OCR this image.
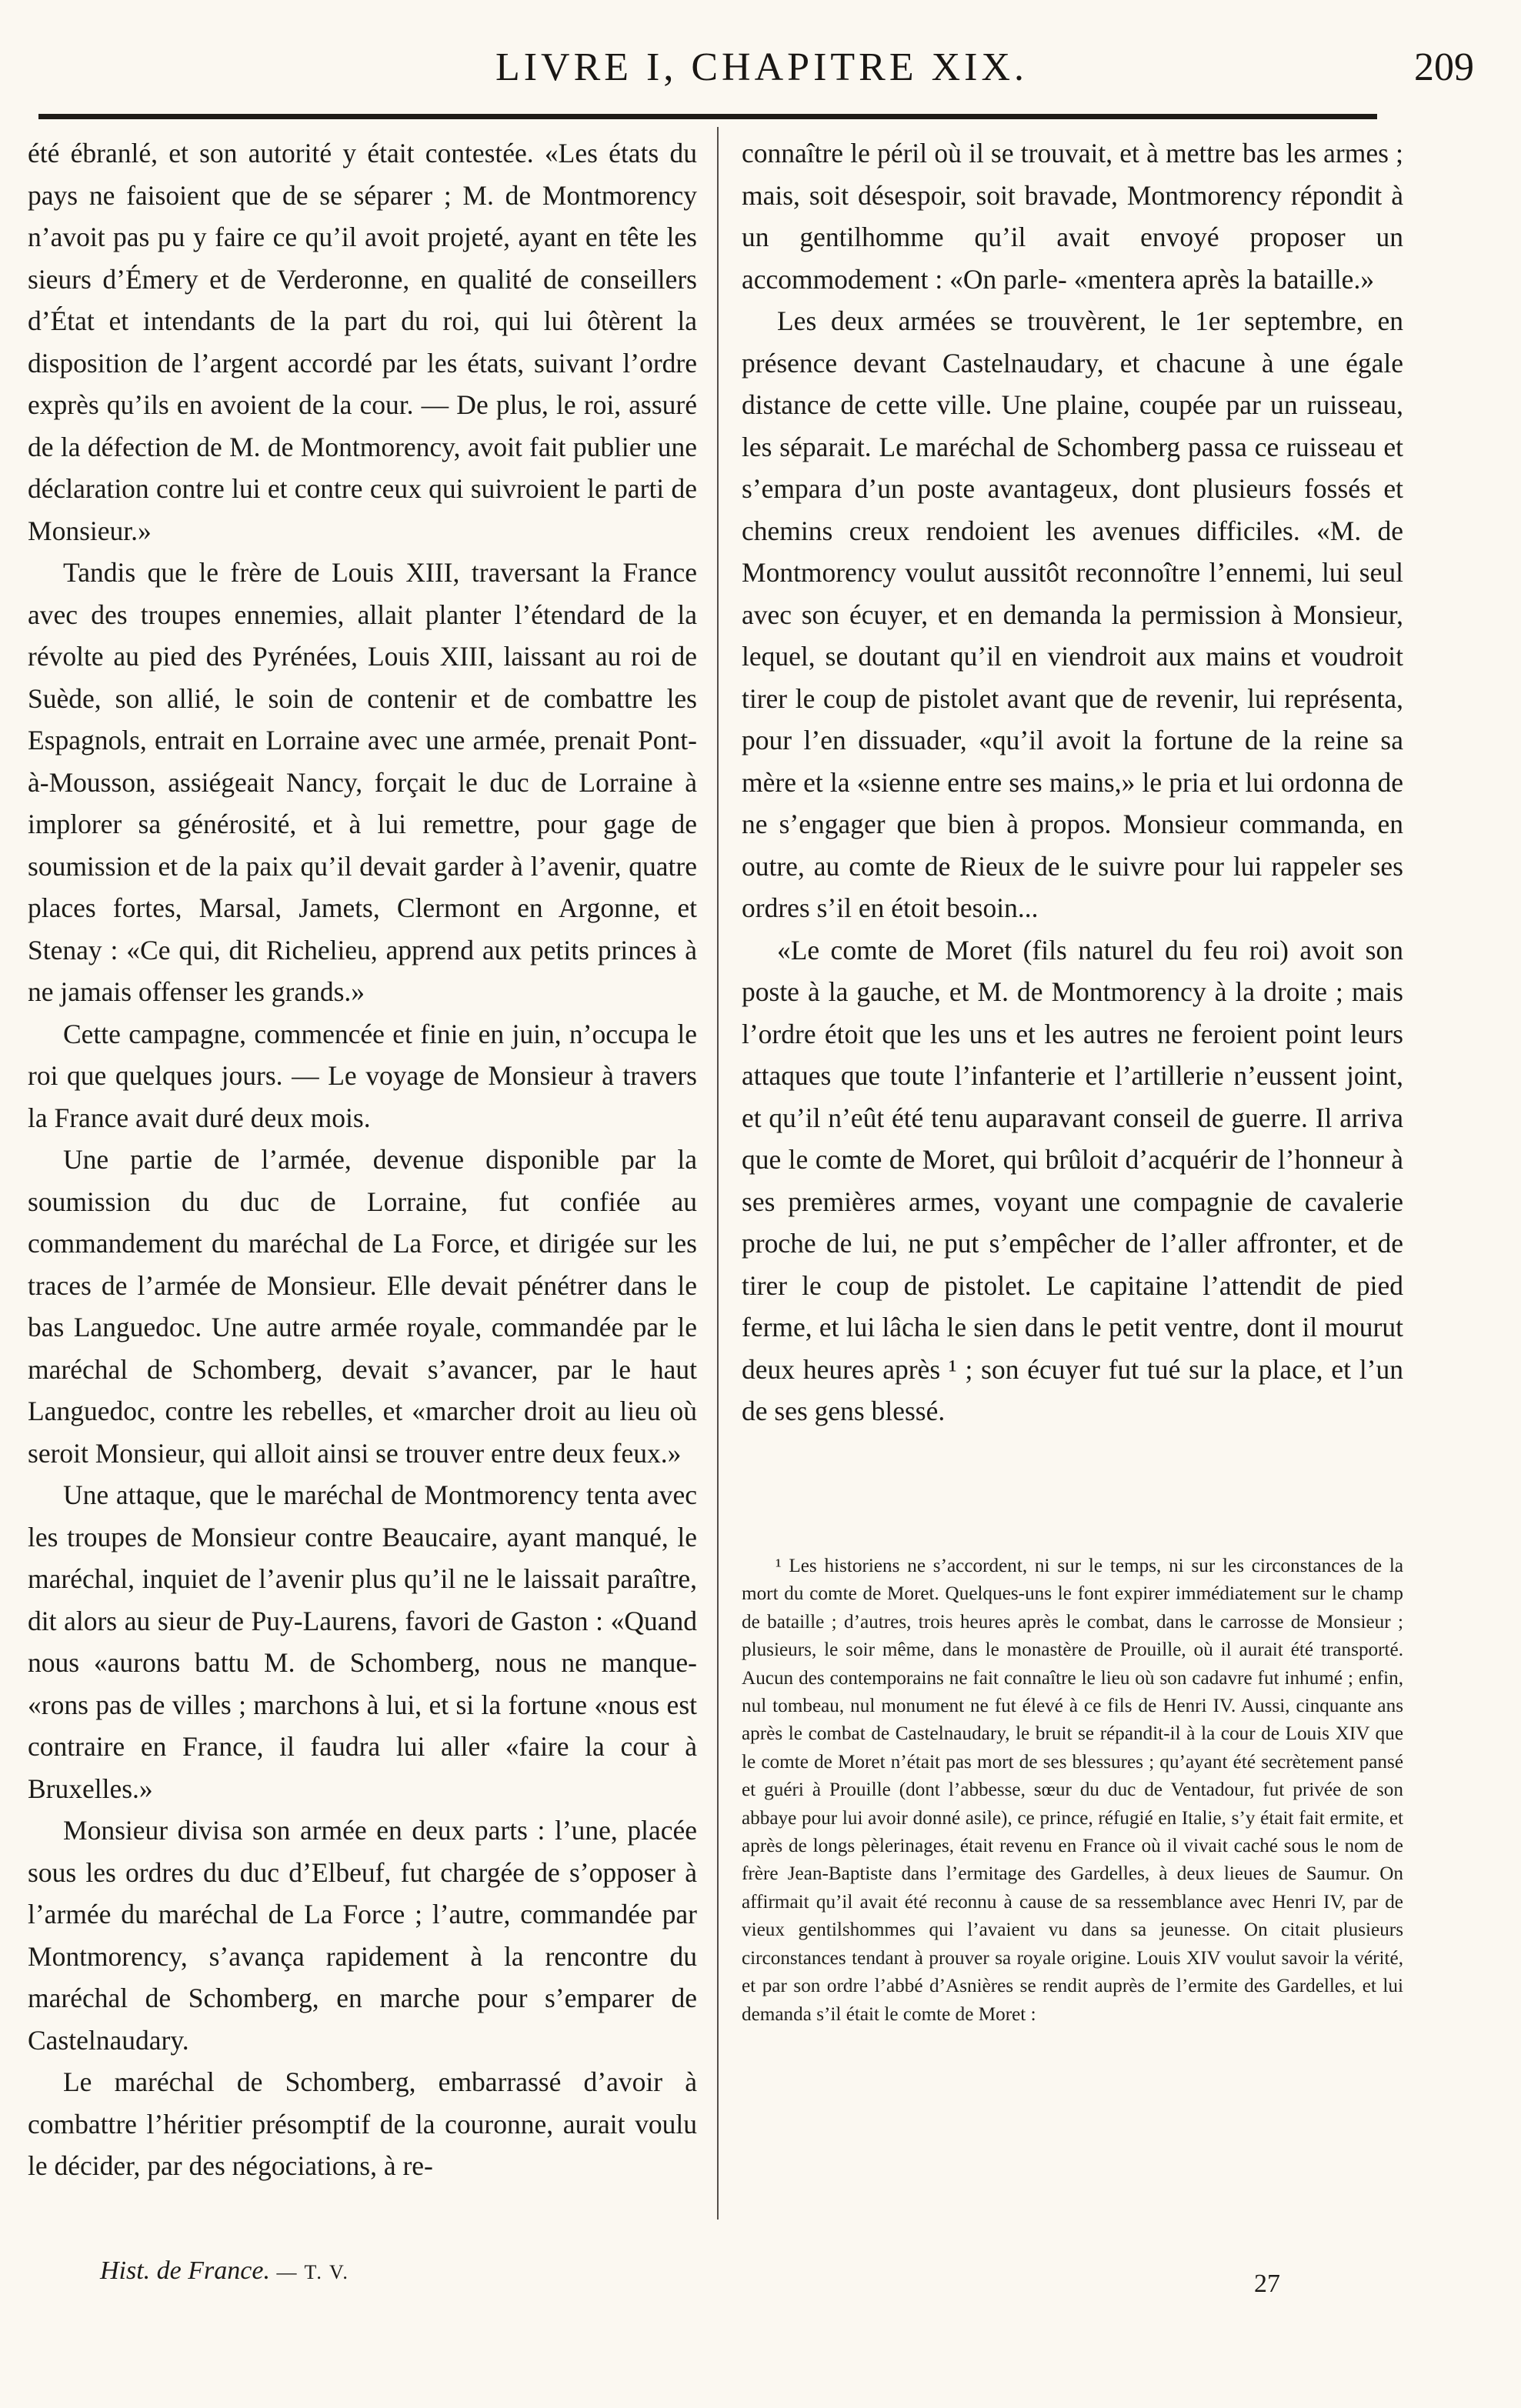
LIVRE I, CHAPITRE XIX.	209

été ébranlé, et son autorité y était contestée. «Les états du pays ne faisoient que de se séparer ; M. de Montmorency n’avoit pas pu y faire ce qu’il avoit projeté, ayant en tête les sieurs d’Émery et de Verderonne, en qualité de conseillers d’État et intendants de la part du roi, qui lui ôtèrent la disposition de l’argent accordé par les états, suivant l’ordre exprès qu’ils en avoient de la cour. — De plus, le roi, assuré de la défection de M. de Montmorency, avoit fait publier une déclaration contre lui et contre ceux qui suivroient le parti de Monsieur.»

Tandis que le frère de Louis XIII, traversant la France avec des troupes ennemies, allait planter l’étendard de la révolte au pied des Pyrénées, Louis XIII, laissant au roi de Suède, son allié, le soin de contenir et de combattre les Espagnols, entrait en Lorraine avec une armée, prenait Pont-à-Mousson, assiégeait Nancy, forçait le duc de Lorraine à implorer sa générosité, et à lui remettre, pour gage de soumission et de la paix qu’il devait garder à l’avenir, quatre places fortes, Marsal, Jamets, Clermont en Argonne, et Stenay : «Ce qui, dit Richelieu, apprend aux petits princes à ne jamais offenser les grands.»

Cette campagne, commencée et finie en juin, n’occupa le roi que quelques jours. — Le voyage de Monsieur à travers la France avait duré deux mois.

Une partie de l’armée, devenue disponible par la soumission du duc de Lorraine, fut confiée au commandement du maréchal de La Force, et dirigée sur les traces de l’armée de Monsieur. Elle devait pénétrer dans le bas Languedoc. Une autre armée royale, commandée par le maréchal de Schomberg, devait s’avancer, par le haut Languedoc, contre les rebelles, et «marcher droit au lieu où seroit Monsieur, qui alloit ainsi se trouver entre deux feux.»

Une attaque, que le maréchal de Montmorency tenta avec les troupes de Monsieur contre Beaucaire, ayant manqué, le maréchal, inquiet de l’avenir plus qu’il ne le laissait paraître, dit alors au sieur de Puy-Laurens, favori de Gaston : «Quand nous «aurons battu M. de Schomberg, nous ne manque- «rons pas de villes ; marchons à lui, et si la fortune «nous est contraire en France, il faudra lui aller «faire la cour à Bruxelles.»

Monsieur divisa son armée en deux parts : l’une, placée sous les ordres du duc d’Elbeuf, fut chargée de s’opposer à l’armée du maréchal de La Force ; l’autre, commandée par Montmorency, s’avança rapidement à la rencontre du maréchal de Schomberg, en marche pour s’emparer de Castelnaudary.

Le maréchal de Schomberg, embarrassé d’avoir à combattre l’héritier présomptif de la couronne, aurait voulu le décider, par des négociations, à re-

connaître le péril où il se trouvait, et à mettre bas les armes ; mais, soit désespoir, soit bravade, Montmorency répondit à un gentilhomme qu’il avait envoyé proposer un accommodement : «On parle- «mentera après la bataille.»

Les deux armées se trouvèrent, le 1er septembre, en présence devant Castelnaudary, et chacune à une égale distance de cette ville. Une plaine, coupée par un ruisseau, les séparait. Le maréchal de Schomberg passa ce ruisseau et s’empara d’un poste avantageux, dont plusieurs fossés et chemins creux rendoient les avenues difficiles. «M. de Montmorency voulut aussitôt reconnoître l’ennemi, lui seul avec son écuyer, et en demanda la permission à Monsieur, lequel, se doutant qu’il en viendroit aux mains et voudroit tirer le coup de pistolet avant que de revenir, lui représenta, pour l’en dissuader, «qu’il avoit la fortune de la reine sa mère et la «sienne entre ses mains,» le pria et lui ordonna de ne s’engager que bien à propos. Monsieur commanda, en outre, au comte de Rieux de le suivre pour lui rappeler ses ordres s’il en étoit besoin...

«Le comte de Moret (fils naturel du feu roi) avoit son poste à la gauche, et M. de Montmorency à la droite ; mais l’ordre étoit que les uns et les autres ne feroient point leurs attaques que toute l’infanterie et l’artillerie n’eussent joint, et qu’il n’eût été tenu auparavant conseil de guerre. Il arriva que le comte de Moret, qui brûloit d’acquérir de l’honneur à ses premières armes, voyant une compagnie de cavalerie proche de lui, ne put s’empêcher de l’aller affronter, et de tirer le coup de pistolet. Le capitaine l’attendit de pied ferme, et lui lâcha le sien dans le petit ventre, dont il mourut deux heures après ¹ ; son écuyer fut tué sur la place, et l’un de ses gens blessé.

¹ Les historiens ne s’accordent, ni sur le temps, ni sur les circonstances de la mort du comte de Moret. Quelques-uns le font expirer immédiatement sur le champ de bataille ; d’autres, trois heures après le combat, dans le carrosse de Monsieur ; plusieurs, le soir même, dans le monastère de Prouille, où il aurait été transporté. Aucun des contemporains ne fait connaître le lieu où son cadavre fut inhumé ; enfin, nul tombeau, nul monument ne fut élevé à ce fils de Henri IV. Aussi, cinquante ans après le combat de Castelnaudary, le bruit se répandit-il à la cour de Louis XIV que le comte de Moret n’était pas mort de ses blessures ; qu’ayant été secrètement pansé et guéri à Prouille (dont l’abbesse, sœur du duc de Ventadour, fut privée de son abbaye pour lui avoir donné asile), ce prince, réfugié en Italie, s’y était fait ermite, et après de longs pèlerinages, était revenu en France où il vivait caché sous le nom de frère Jean-Baptiste dans l’ermitage des Gardelles, à deux lieues de Saumur. On affirmait qu’il avait été reconnu à cause de sa ressemblance avec Henri IV, par de vieux gentilshommes qui l’avaient vu dans sa jeunesse. On citait plusieurs circonstances tendant à prouver sa royale origine. Louis XIV voulut savoir la vérité, et par son ordre l’abbé d’Asnières se rendit auprès de l’ermite des Gardelles, et lui demanda s’il était le comte de Moret :
Hist. de France. — T. V.	27
